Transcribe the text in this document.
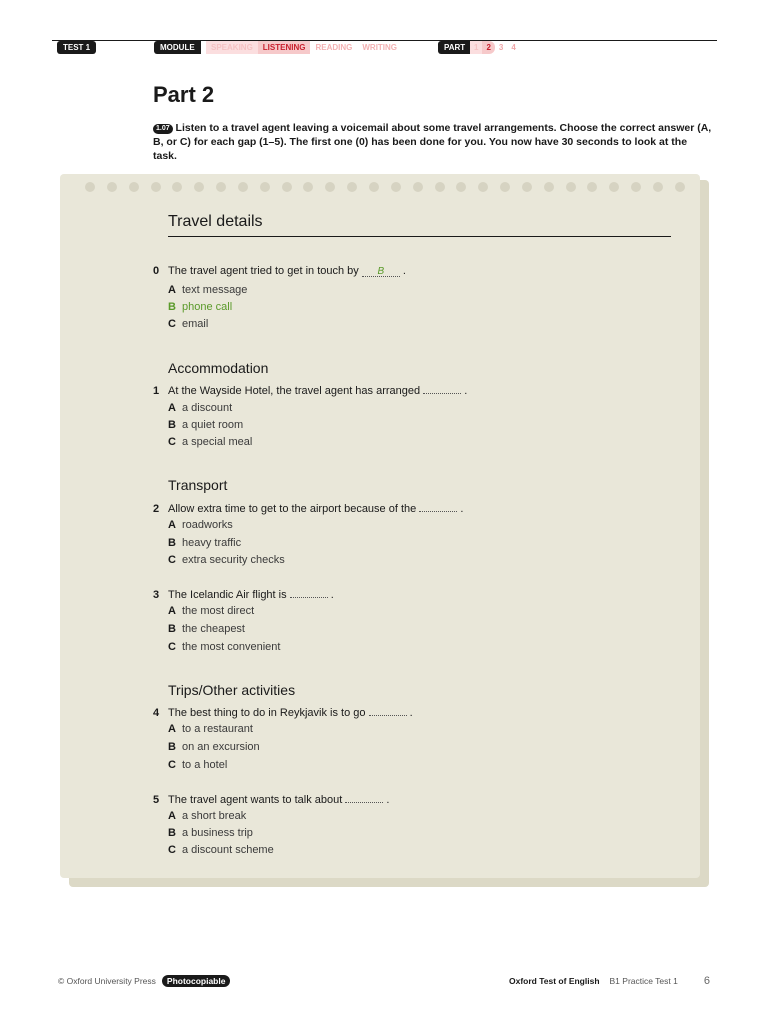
TEST 1	MODULE	SPEAKING	LISTENING	READING	WRITING	PART	1	2	3	4
Part 2

1.07 Listen to a travel agent leaving a voicemail about some travel arrangements. Choose the correct answer (A, B, or C) for each gap (1–5). The first one (0) has been done for you. You now have 30 seconds to look at the task.

Travel details
0 The travel agent tried to get in touch by B .
A text message
B phone call
C email
Accommodation
1 At the Wayside Hotel, the travel agent has arranged	.
A a discount
B a quiet room
C a special meal
Transport
2 Allow extra time to get to the airport because of the	.
A roadworks
B heavy traffic
C extra security checks
3 The Icelandic Air flight is	.
A the most direct
B the cheapest
C the most convenient
Trips/Other activities
4 The best thing to do in Reykjavik is to go	.
A to a restaurant
B on an excursion
C to a hotel
5 The travel agent wants to talk about	.
A a short break
B a business trip
C a discount scheme
© Oxford University Press	Photocopiable	Oxford Test of English B1 Practice Test 1 6
